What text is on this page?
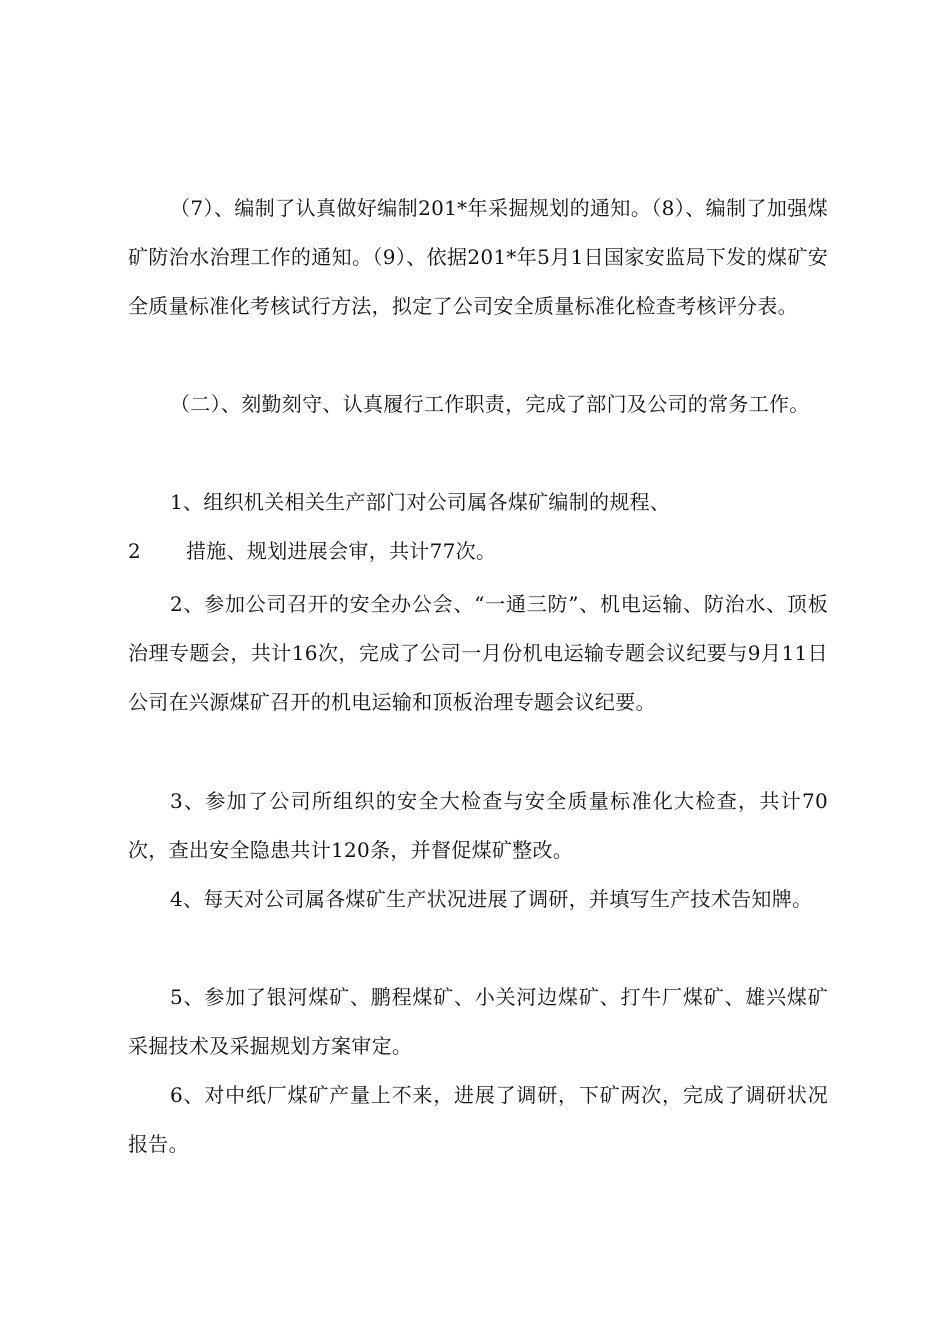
（7）、编制了认真做好编制201*年采掘规划的通知。（8）、编制了加强煤矿防治水治理工作的通知。（9）、依据201*年5月1日国家安监局下发的煤矿安全质量标准化考核试行方法，拟定了公司安全质量标准化检查考核评分表。

（二）、刻勤刻守、认真履行工作职责，完成了部门及公司的常务工作。

1、组织机关相关生产部门对公司属各煤矿编制的规程、

2 措施、规划进展会审，共计77次。

2、参加公司召开的安全办公会、“一通三防”、机电运输、防治水、顶板治理专题会，共计16次，完成了公司一月份机电运输专题会议纪要与9月11日公司在兴源煤矿召开的机电运输和顶板治理专题会议纪要。

3、参加了公司所组织的安全大检查与安全质量标准化大检查，共计70次，查出安全隐患共计120条，并督促煤矿整改。

4、每天对公司属各煤矿生产状况进展了调研，并填写生产技术告知牌。

5、参加了银河煤矿、鹏程煤矿、小关河边煤矿、打牛厂煤矿、雄兴煤矿采掘技术及采掘规划方案审定。

6、对中纸厂煤矿产量上不来，进展了调研，下矿两次，完成了调研状况报告。
